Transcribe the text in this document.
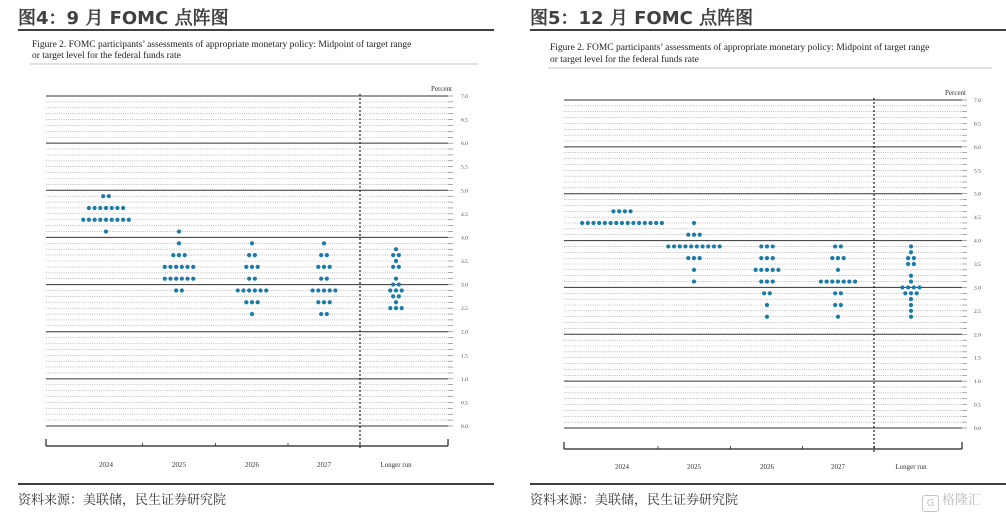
图4：9 月 FOMC 点阵图
Figure 2. FOMC participants’ assessments of appropriate monetary policy: Midpoint of target range
or target level for the federal funds rate
Percent
7.0
6.5
6.0
5.5
5.0
4.5
4.0
3.5
3.0
2.5
2.0
1.5
1.0
0.5
0.0
2024	2025	2026	2027	Longer run
资料来源：美联储，民生证券研究院
图5：12 月 FOMC 点阵图
Figure 2. FOMC participants’ assessments of appropriate monetary policy: Midpoint of target range
or target level for the federal funds rate
Percent
7.0
6.5
6.0
5.5
5.0
4.5
4.0
3.5
3.0
2.5
2.0
1.5
1.0
0.5
0.0
2024	2025	2026	2027	Longer run
资料来源：美联储，民生证券研究院	G 格隆汇
